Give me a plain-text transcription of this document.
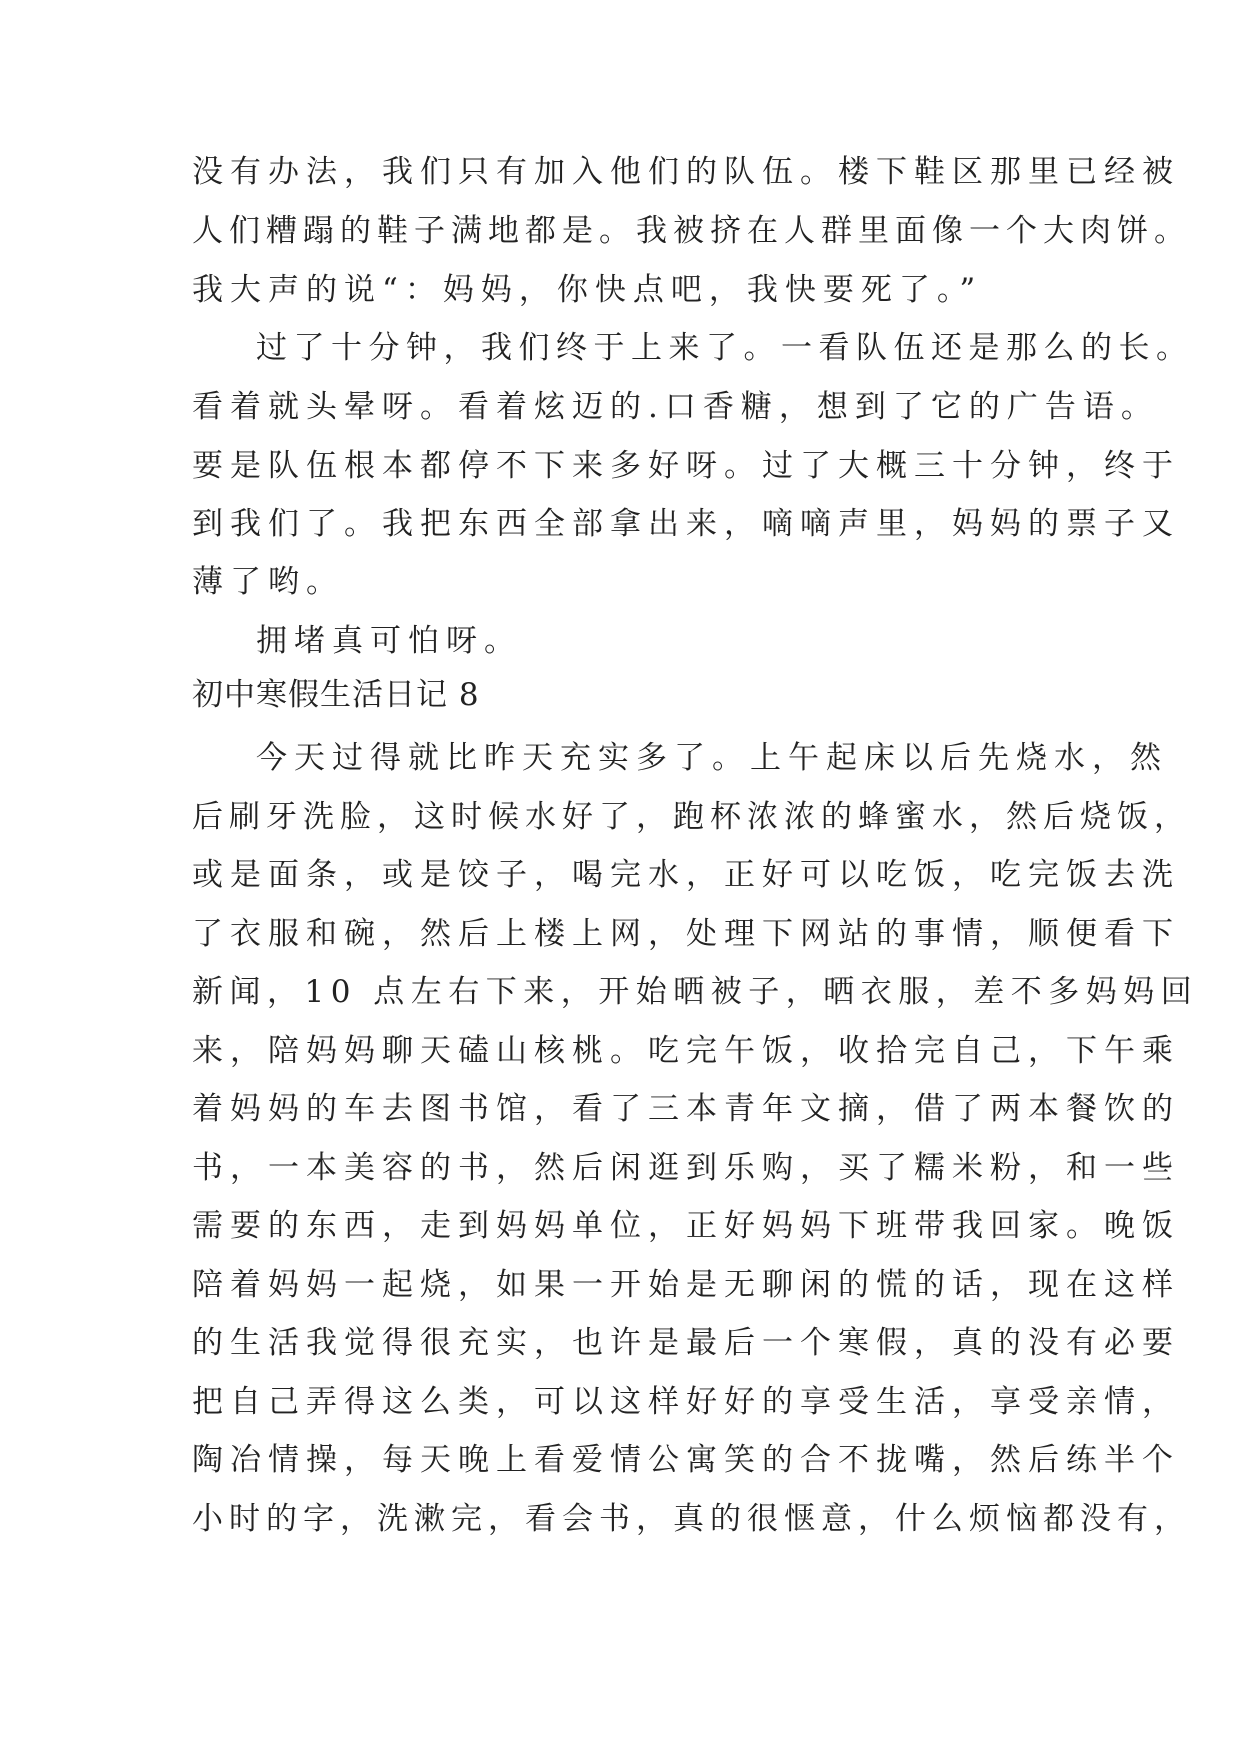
没有办法，我们只有加入他们的队伍。楼下鞋区那里已经被
人们糟蹋的鞋子满地都是。我被挤在人群里面像一个大肉饼。
我大声的说“：妈妈，你快点吧，我快要死了。”
过了十分钟，我们终于上来了。一看队伍还是那么的长。
看着就头晕呀。看着炫迈的.口香糖，想到了它的广告语。
要是队伍根本都停不下来多好呀。过了大概三十分钟，终于
到我们了。我把东西全部拿出来，嘀嘀声里，妈妈的票子又
薄了哟。
拥堵真可怕呀。
初中寒假生活日记 8
今天过得就比昨天充实多了。上午起床以后先烧水，然
后刷牙洗脸，这时候水好了，跑杯浓浓的蜂蜜水，然后烧饭，
或是面条，或是饺子，喝完水，正好可以吃饭，吃完饭去洗
了衣服和碗，然后上楼上网，处理下网站的事情，顺便看下
新闻，10 点左右下来，开始晒被子，晒衣服，差不多妈妈回
来，陪妈妈聊天磕山核桃。吃完午饭，收拾完自己，下午乘
着妈妈的车去图书馆，看了三本青年文摘，借了两本餐饮的
书，一本美容的书，然后闲逛到乐购，买了糯米粉，和一些
需要的东西，走到妈妈单位，正好妈妈下班带我回家。晚饭
陪着妈妈一起烧，如果一开始是无聊闲的慌的话，现在这样
的生活我觉得很充实，也许是最后一个寒假，真的没有必要
把自己弄得这么类，可以这样好好的享受生活，享受亲情，
陶冶情操，每天晚上看爱情公寓笑的合不拢嘴，然后练半个
小时的字，洗漱完，看会书，真的很惬意，什么烦恼都没有，
